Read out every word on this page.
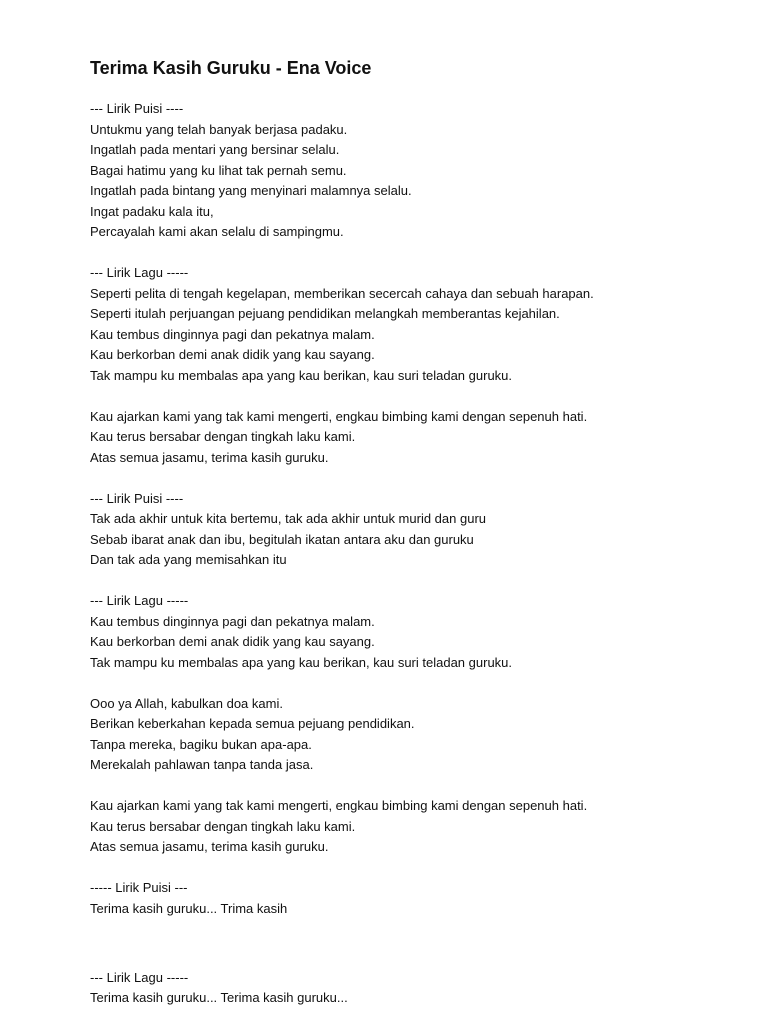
Terima Kasih Guruku - Ena Voice
--- Lirik Puisi ----
Untukmu yang telah banyak berjasa padaku.
Ingatlah pada mentari yang bersinar selalu.
Bagai hatimu yang ku lihat tak pernah semu.
Ingatlah pada bintang yang menyinari malamnya selalu.
Ingat padaku kala itu,
Percayalah kami akan selalu di sampingmu.
--- Lirik Lagu -----
Seperti pelita di tengah kegelapan, memberikan secercah cahaya dan sebuah harapan.
Seperti itulah perjuangan pejuang pendidikan melangkah memberantas kejahilan.
Kau tembus dinginnya pagi dan pekatnya malam.
Kau berkorban demi anak didik yang kau sayang.
Tak mampu ku membalas apa yang kau berikan, kau suri teladan guruku.
Kau ajarkan kami yang tak kami mengerti, engkau bimbing kami dengan sepenuh hati.
Kau terus bersabar dengan tingkah laku kami.
Atas semua jasamu, terima kasih guruku.
--- Lirik Puisi ----
Tak ada akhir untuk kita bertemu, tak ada akhir untuk murid dan guru
Sebab ibarat anak dan ibu, begitulah ikatan antara aku dan guruku
Dan tak ada yang memisahkan itu
--- Lirik Lagu -----
Kau tembus dinginnya pagi dan pekatnya malam.
Kau berkorban demi anak didik yang kau sayang.
Tak mampu ku membalas apa yang kau berikan, kau suri teladan guruku.
Ooo ya Allah, kabulkan doa kami.
Berikan keberkahan kepada semua pejuang pendidikan.
Tanpa mereka, bagiku bukan apa-apa.
Merekalah pahlawan tanpa tanda jasa.
Kau ajarkan kami yang tak kami mengerti, engkau bimbing kami dengan sepenuh hati.
Kau terus bersabar dengan tingkah laku kami.
Atas semua jasamu, terima kasih guruku.
----- Lirik Puisi ---
Terima kasih guruku... Trima kasih
--- Lirik Lagu -----
Terima kasih guruku... Terima kasih guruku...
